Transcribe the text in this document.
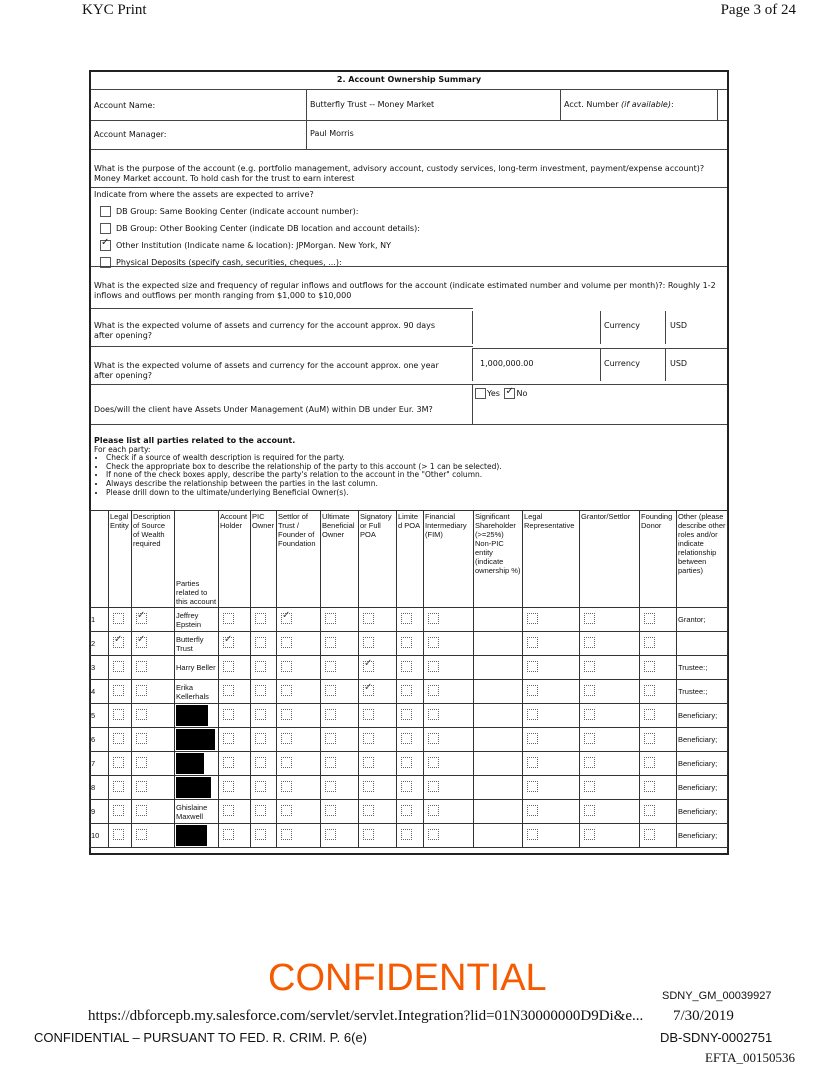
KYC Print	Page 3 of 24
2. Account Ownership Summary
Account Name:	Butterfly Trust -- Money Market	Acct. Number (if available):
Account Manager:	Paul Morris
What is the purpose of the account (e.g. portfolio management, advisory account, custody services, long-term investment, payment/expense account)? Money Market account. To hold cash for the trust to earn interest
Indicate from where the assets are expected to arrive?
DB Group: Same Booking Center (indicate account number):
DB Group: Other Booking Center (indicate DB location and account details):
✓Other Institution (Indicate name & location): JPMorgan. New York, NY
Physical Deposits (specify cash, securities, cheques, ...):
What is the expected size and frequency of regular inflows and outflows for the account (indicate estimated number and volume per month)?: Roughly 1-2 inflows and outflows per month ranging from $1,000 to $10,000
What is the expected volume of assets and currency for the account approx. 90 days after opening?
Currency	USD
What is the expected volume of assets and currency for the account approx. one year after opening?
1,000,000.00	Currency	USD
Does/will the client have Assets Under Management (AuM) within DB under Eur. 3M?
Yes ✓ No
Please list all parties related to the account.
For each party:
• Check if a source of wealth description is required for the party.
• Check the appropriate box to describe the relationship of the party to this account (> 1 can be selected).
• If none of the check boxes apply, describe the party's relation to the account in the "Other" column.
• Always describe the relationship between the parties in the last column.
• Please drill down to the ultimate/underlying Beneficial Owner(s).
	Legal Entity	Description of Source of Wealth required	Parties related to this account	Account Holder	PIC Owner	Settlor of Trust / Founder of Foundation	Ultimate Beneficial Owner	Signatory or Full POA	Limited POA	Financial Intermediary (FIM)	Significant Shareholder (>=25%) Non-PIC entity (indicate ownership %)	Legal Representative	Grantor/Settlor	Founding Donor	Other (please describe other roles and/or indicate relationship between parties)
1		✓	Jeffrey Epstein			✓									Grantor;
2	✓	✓	Butterfly Trust	✓											
3			Harry Beller					✓							Trustee:;
4			Erika Kellerhals					✓							Trustee:;
5															Beneficiary;
6															Beneficiary;
7															Beneficiary;
8															Beneficiary;
9			Ghislaine Maxwell												Beneficiary;
10															Beneficiary;
CONFIDENTIAL	SDNY_GM_00039927
https://dbforcepb.my.salesforce.com/servlet/servlet.Integration?lid=01N30000000D9Di&e... 7/30/2019
CONFIDENTIAL – PURSUANT TO FED. R. CRIM. P. 6(e)	DB-SDNY-0002751
EFTA_00150536
